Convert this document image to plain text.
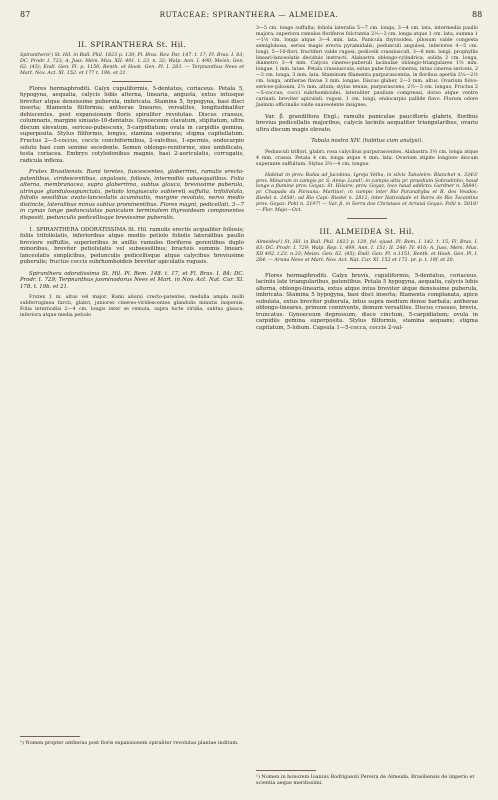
87	RUTACEAE: SPIRANTHERA — ALMEIDEA.	88

II. SPIRANTHERA St. Hil.

Spiranthera¹) St. Hil. in Bull. Phil. 1823 p. 130; Pl. Bras. Rev. Par. 147. t. 17; Fl. Bras. I. 83; DC. Prodr. I. 723; A. Juss. Mém. Mus. XII. 491. t. 23. n. 32; Walp. Ann. I. 490; Meisn. Gen. 62. (45); Endl. Gen. Pl. p. 1150; Benth. et Hook. Gen. Pl. I. 283. — Terpnanthus Nees et Mart. Nov. Act. XI. 152. et 177 t. 19b. et 21.

Flores hermaphroditi. Calyx cupuliformis, 5-dentatus, coriaceus. Petala 5, hypogyna, aequalia, calycis lobis alterna, linearia, angusta, extus intusque breviter atque densissime puberula, imbricata. Stamina 5, hypogyna, basi disci inserta; filamenta filiformia; antherae lineares, versatiles, longitudinaliter dehiscentes, post expansionem floris spiraliter revolutae. Discus crassus, columnaris, margine sinuato-10-dentatus. Gynoeceum clavatum, stipitatum, ultra discum elevatum, sericeo-pubescens, 5-carpidiatum; ovula in carpidiis gemina, superposita. Stylus filiformis, longus, stamina superans; stigma capitellatum. Fructus 2—5-coccus, coccis conchiformibus, 2-valvibus, 1-spermis, endocarpio soluto basi cum semine secedente. Semen oblongo-reniforme, sine umbilicato, testa coriacea. Embryo cotyledonibus magnis, basi 2-auriculatis, corrugatis, radicula inflexa.

Frutex Brasiliensis. Rami teretes, fuscescentes, glaberrimi, ramulis erecto-patentibus, viridescentibus, angulosis, foliosis, internodiis subaequalibus. Folia alterna, membranacea, supra glaberrima, subtus glauca, breviusime puberula, utrinque glandulosopunctata, petiolo longiusculo subtereti suffulta, trifoliolata, foliolis sessilibus ovato-lanceolatis acuminatis, margine revoluto, nervo medio distincte, lateralibus minus subtus prominentibus. Flores magni, pedicellati, 3—7 in cymas longe pedunculatas paniculam terminalem thyrsoideam componentes dispositi, pedunculis pedicellisque brevissime puberulis.

1. SPIRANTHERA ODORATISSIMA St. Hil. ramulis erectis acqualiter foliosis; foliis trifoliolatis, inferioribus atque mediis petiolo foliolis lateralibus paullo breviore suffultis, superioribus in axillis ramulos floriferos gerentibus duplo minoribus, breviter petiolulatis vel subsessilibus; bracteis summis lineari-lanceolatis simplicibus, pedunculis pedicellisque atque calycibus breviusime puberulis; fructus coccis subrhomboideis breviter apiculatis rugosis.

Spiranthera odoratissima St. Hil. Pl. Rem. 148. t. 17, et Fl. Bras. I. 84; DC. Prodr. I. 729; Terpnanthus jasminodorus Nees et Mart. in Nov. Act. Nat. Cur. XI. 178. t. 19b. et 21.

Frutex 1 m. altus vel major. Rami aliorsi crecto-patentes, medulla ampla molli subferruginea farcti, glabri, juniores cinereo-viridescentes glandulis minutis inspersis. Folia internodiis 2—4 cm. longis inter se remota, supra lucte viridia, subtus glauca, inferiora atque media petiolo

¹) Nomen propter antheras post floris expansionem spiraliter revolutas plantae inditum.

3—5 cm. longo suffulta; foliola lateralia 5—7 cm. longa, 3—4 cm. lata, intermedia paullo majora; superiora ramulos floriferos fulcrantia 2⅓—3 cm. longa atque 1 cm. lata, summa 1—1½ cm. longa atque 3—4 mm. lata. Panicula thyrsoidea, pilosum valde congesta semiglobosa, serius magis erecta pyramidalis; pedunculi angulosi, inferiores 4—5 cm. longi, 5—10-flori, fructiferi valde rugosi; pedicelli crassiusculi, 3—6 mm. longi, prophyllis lineari-lanceolatis deciduis instructi. Alabastra oblongo-cylindrica, solida 2 cm. longa, diametro 3—4 mm. Calycis cinereo-puberuli lacinulae oblongo-triangulares 1½ mm. longae, 1 mm. latae. Petala crassiuscula, extus pube fulvo-cinerea, intus cinerea sericeis, 2—3 cm. longa, 3 mm. lata. Staminum filamenta purpurascentia, in floribus apertis 2⅓—2½ cm. longa, antherae flavae 3 mm. longae. Discus glaber, 2—3 mm. altus. Ovarium fulvo-sericeo-pilosum, 2⅓ mm. altum; stylus tenuis, purpurascens, 2½—3 cm. longus. Fructus 2—5-coccus; cocci subrhomboidei, lateraliter paullum compressi, dorso atque ventre carinati, breviter apiculati, rugosi, 1 cm. longi, endocarpio pallide flavo. Florum odore Jasmini officinalis valde suaveolente insignes.

Var. β. grandiflora Engl.; ramulis paniculae pauciflorís glabris, floribus brevius pedicellatis majoribus, calycis laciniis aequaliter triangularibus, ovario ultra discum magis elevato.

Tabula nostra XIV. (habitus cum analysi).

Pedunculi triflori, glabri, rosa calycibus purpurascentes. Alabastra 3½ cm. longa atque 4 mm. crassa. Petala 4 cm. longa atque 4 mm. lata. Ovarium stipite longiore discum superante suffultum. Stylus 3½—4 cm. longus.

Habitat in prov. Bahia ad Jacobina, Igreja Velha, in silvis Taboleiro: Blanchet n. 3343! prov. Minarum in campis pr. S. Anna: Lund!; in campis altis pr. praedium Sobradinho, haud longe a flumine prov. Goyaz: St. Hilaire; prov. Goyaz, loco haud addicto: Gardner n. 5884!; pr. Chapada da Parauna: Martius!; in campis inter Rio Paranahyba et R. dos Veados: Riedel n. 2454!; ad Rio Capi: Riedel n. 2812; inter Natividade et Barra do Rio Tocantins prov. Goyaz: Pohl n. 2197! — Var. β. in Serra dos Christaes et Arraial Goyaz: Pohl n. 5018! — Flor. Majo—Oct.

III. ALMEIDEA St. Hil.

Almeidea¹) St. Hil. in Bull. Phil. 1823 p. 129, fol. ejusd. Pl. Rem. I. 142. t. 15; Fl. Bras. I. 83; DC. Prodr. I. 729; Walp. Rep. I. 499, Ann. I. 151; II. 246; IV. 410; A. Juss. Mém. Mus. XII 492. t.23. n.33; Meisn. Gen. 62. (45); Endl. Gen. Pl. n.1151; Benth. et Hook. Gen. Pl. I. 284. — Aruna Nees et Mart. Nov. Act. Nat. Cur. XI. 152 et 172. pr. p. t. 19f. et 20.

Flores hermaphroditi. Calyx brevis, cupuliformis, 5-dentatus, coriaceus, laciniis late triangularibus, patentibus. Petala 5 hypogyna, aequalia, calycis lobis alterna, oblongo-linearia, extus atque intus breviter atque densissime puberula, imbricata. Stamina 5 hypogyna, basi disci inserta; filamenta complanata, apice subulata, extus breviter puberula, intus supra medium dense barbata; antherae oblongo-lineares, primum connivente, demum versatiles. Discus crassus, brevis, truncatus. Gynoeceum depressum, disco cinctum, 5-carpidiatum; ovula in carpidiis gemina superposita. Stylus filiformis, stamina aequans; stigma capitatum, 5-lobum. Capsula 1—5-cocca, coccis 2-val-

¹) Nomen in honorem Ioannis Rodriguezii Pereira de Almeida, Brasiliensis de imperio et scientia aeque meritissimi.
